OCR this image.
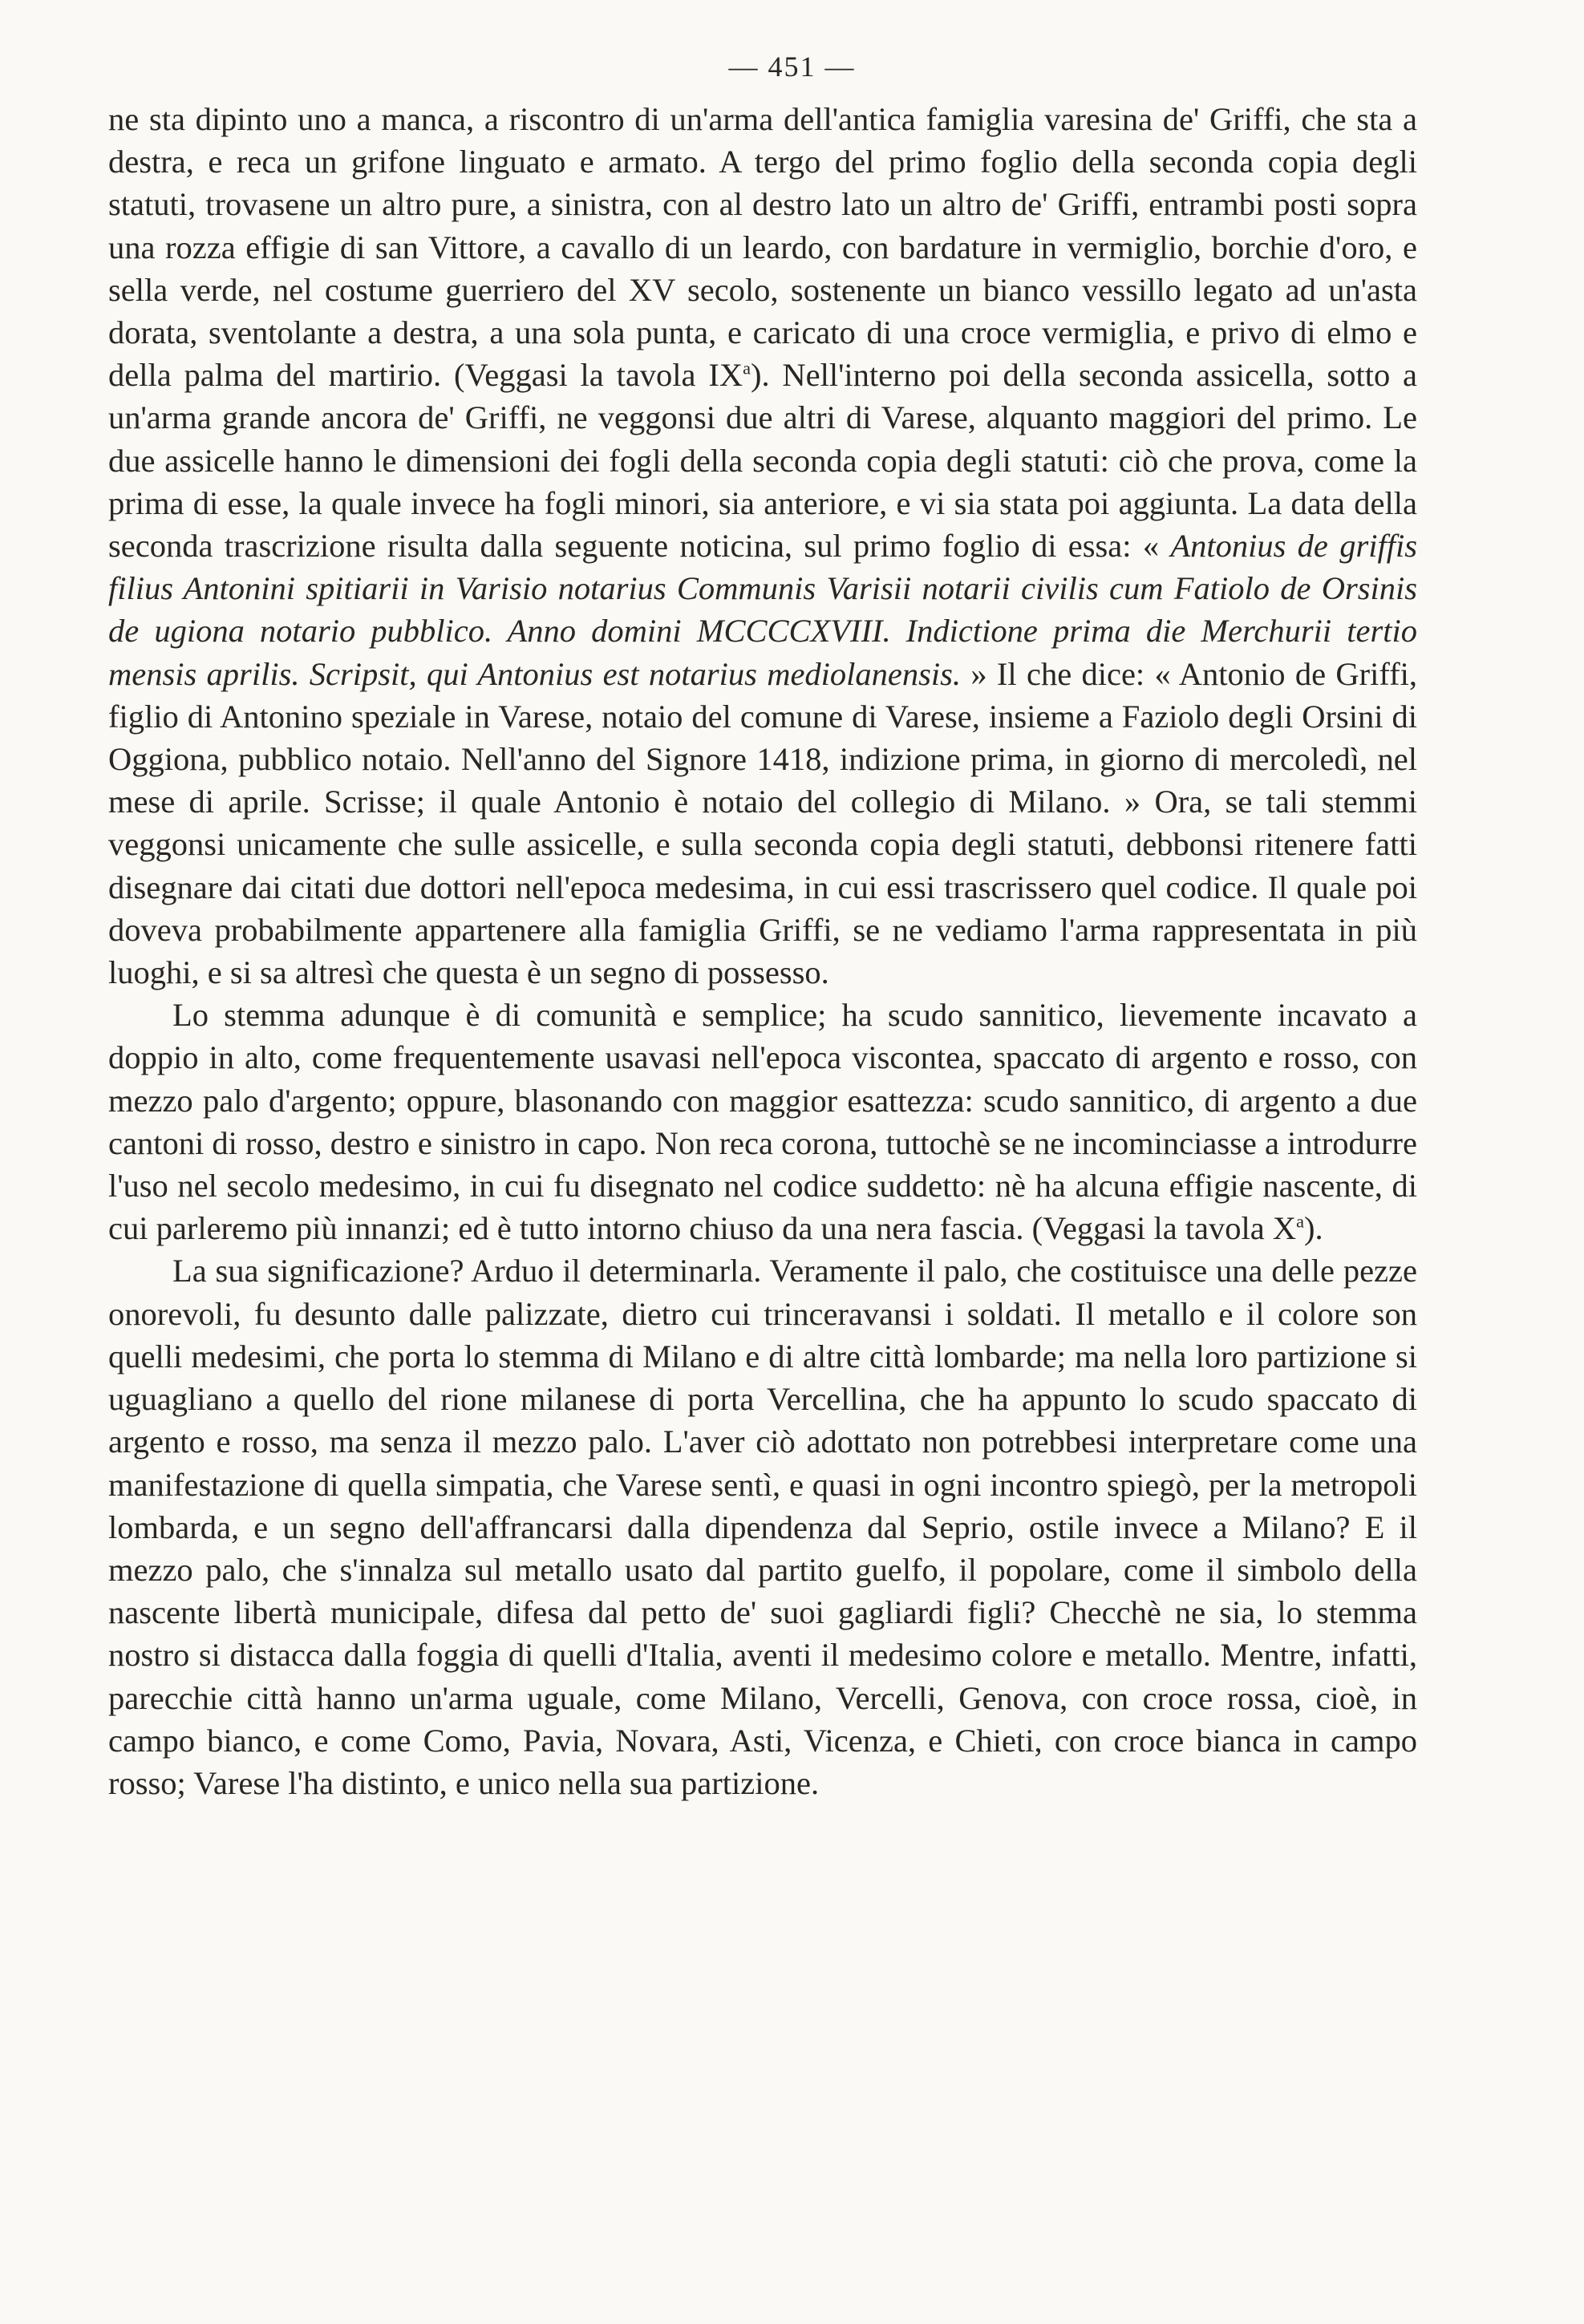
— 451 —

ne sta dipinto uno a manca, a riscontro di un'arma dell'antica famiglia varesina de' Griffi, che sta a destra, e reca un grifone linguato e armato. A tergo del primo foglio della seconda copia degli statuti, trovasene un altro pure, a sinistra, con al destro lato un altro de' Griffi, entrambi posti sopra una rozza effigie di san Vittore, a cavallo di un leardo, con bardature in vermiglio, borchie d'oro, e sella verde, nel costume guerriero del XV secolo, sostenente un bianco vessillo legato ad un'asta dorata, sventolante a destra, a una sola punta, e caricato di una croce vermiglia, e privo di elmo e della palma del martirio. (Veggasi la tavola $IX^a$). Nell'interno poi della seconda assicella, sotto a un'arma grande ancora de' Griffi, ne veggonsi due altri di Varese, alquanto maggiori del primo. Le due assicelle hanno le dimensioni dei fogli della seconda copia degli statuti: ciò che prova, come la prima di esse, la quale invece ha fogli minori, sia anteriore, e vi sia stata poi aggiunta. La data della seconda trascrizione risulta dalla seguente noticina, sul primo foglio di essa: « Antonius de griffis filius Antonini spitiarii in Varisio notarius Communis Varisii notarii civilis cum Fatiolo de Orsinis de ugiona notario pubblico. Anno domini MCCCCXVIII. Indictione prima die Merchurii tertio mensis aprilis. Scripsit, qui Antonius est notarius mediolanensis. » Il che dice: « Antonio de Griffi, figlio di Antonino speziale in Varese, notaio del comune di Varese, insieme a Faziolo degli Orsini di Oggiona, pubblico notaio. Nell'anno del Signore 1418, indizione prima, in giorno di mercoledì, nel mese di aprile. Scrisse; il quale Antonio è notaio del collegio di Milano. » Ora, se tali stemmi veggonsi unicamente che sulle assicelle, e sulla seconda copia degli statuti, debbonsi ritenere fatti disegnare dai citati due dottori nell'epoca medesima, in cui essi trascrissero quel codice. Il quale poi doveva probabilmente appartenere alla famiglia Griffi, se ne vediamo l'arma rappresentata in più luoghi, e si sa altresì che questa è un segno di possesso.

Lo stemma adunque è di comunità e semplice; ha scudo sannitico, lievemente incavato a doppio in alto, come frequentemente usavasi nell'epoca viscontea, spaccato di argento e rosso, con mezzo palo d'argento; oppure, blasonando con maggior esattezza: scudo sannitico, di argento a due cantoni di rosso, destro e sinistro in capo. Non reca corona, tuttochè se ne incominciasse a introdurre l'uso nel secolo medesimo, in cui fu disegnato nel codice suddetto: nè ha alcuna effigie nascente, di cui parleremo più innanzi; ed è tutto intorno chiuso da una nera fascia. (Veggasi la tavola $X^a$).

La sua significazione? Arduo il determinarla. Veramente il palo, che costituisce una delle pezze onorevoli, fu desunto dalle palizzate, dietro cui trinceravansi i soldati. Il metallo e il colore son quelli medesimi, che porta lo stemma di Milano e di altre città lombarde; ma nella loro partizione si uguagliano a quello del rione milanese di porta Vercellina, che ha appunto lo scudo spaccato di argento e rosso, ma senza il mezzo palo. L'aver ciò adottato non potrebbesi interpretare come una manifestazione di quella simpatia, che Varese sentì, e quasi in ogni incontro spiegò, per la metropoli lombarda, e un segno dell'affrancarsi dalla dipendenza dal Seprio, ostile invece a Milano? E il mezzo palo, che s'innalza sul metallo usato dal partito guelfo, il popolare, come il simbolo della nascente libertà municipale, difesa dal petto de' suoi gagliardi figli? Checchè ne sia, lo stemma nostro si distacca dalla foggia di quelli d'Italia, aventi il medesimo colore e metallo. Mentre, infatti, parecchie città hanno un'arma uguale, come Milano, Vercelli, Genova, con croce rossa, cioè, in campo bianco, e come Como, Pavia, Novara, Asti, Vicenza, e Chieti, con croce bianca in campo rosso; Varese l'ha distinto, e unico nella sua partizione.
